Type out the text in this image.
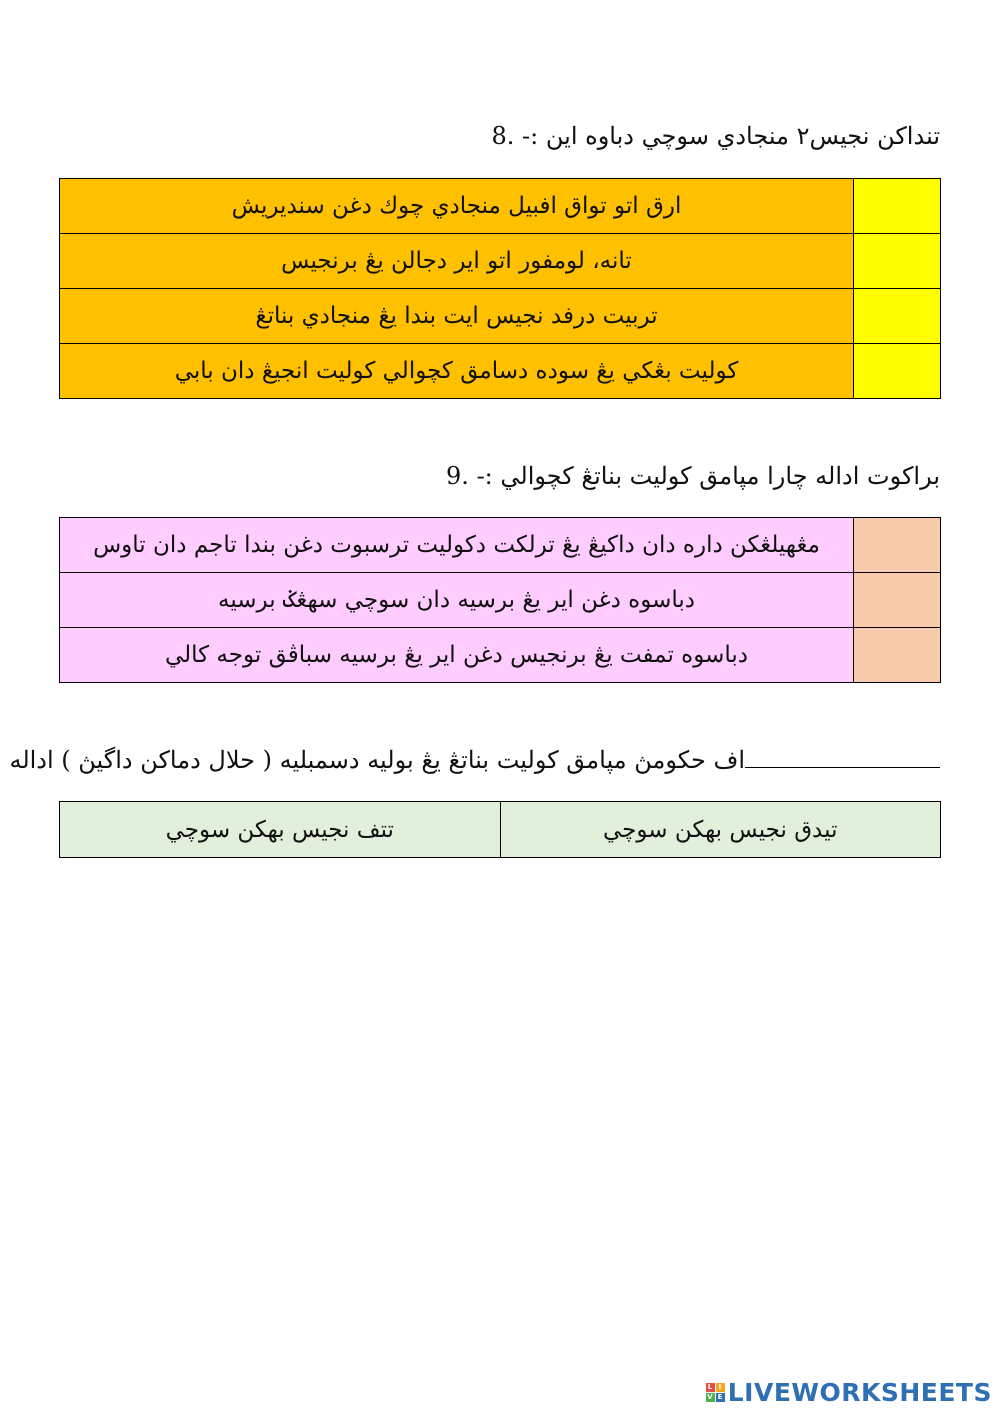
تنداکن نجيس٢ منجادي سوچي دباوه اين :- 8.
ارق اتو تواق افبيل منجادي چوك دغن سنديريش	
تانه، لومفور اتو اير دجالن يڠ برنجيس	
تربيت درفد نجيس ايت بندا يڠ منجادي بناتڠ	
کوليت بڠکي يڠ سوده دسامق کچوالي کوليت انجيڠ دان بابي	
براكوت اداله چارا مپامق کوليت بناتڠ کچوالي :- 9.
مڠهيلڠكن داره دان داكيڠ يڠ ترلكت دکوليت ترسبوت دغن بندا تاجم دان تاوس	
دباسوه دغن اير يڠ برسيه دان سوچي سهڠݢ برسيه	
دباسوه تمفت يڠ برنجيس دغن اير يڠ برسيه سباڤق توجه كالي	
اف حکومڽ مپامق کوليت بناتڠ يڠ بوليه دسمبليه ( حلال دماکن داگيڽ ) اداله
تتف نجيس بهكن سوچي	تيدق نجيس بهكن سوچي
L I
V E LIVEWORKSHEETS
